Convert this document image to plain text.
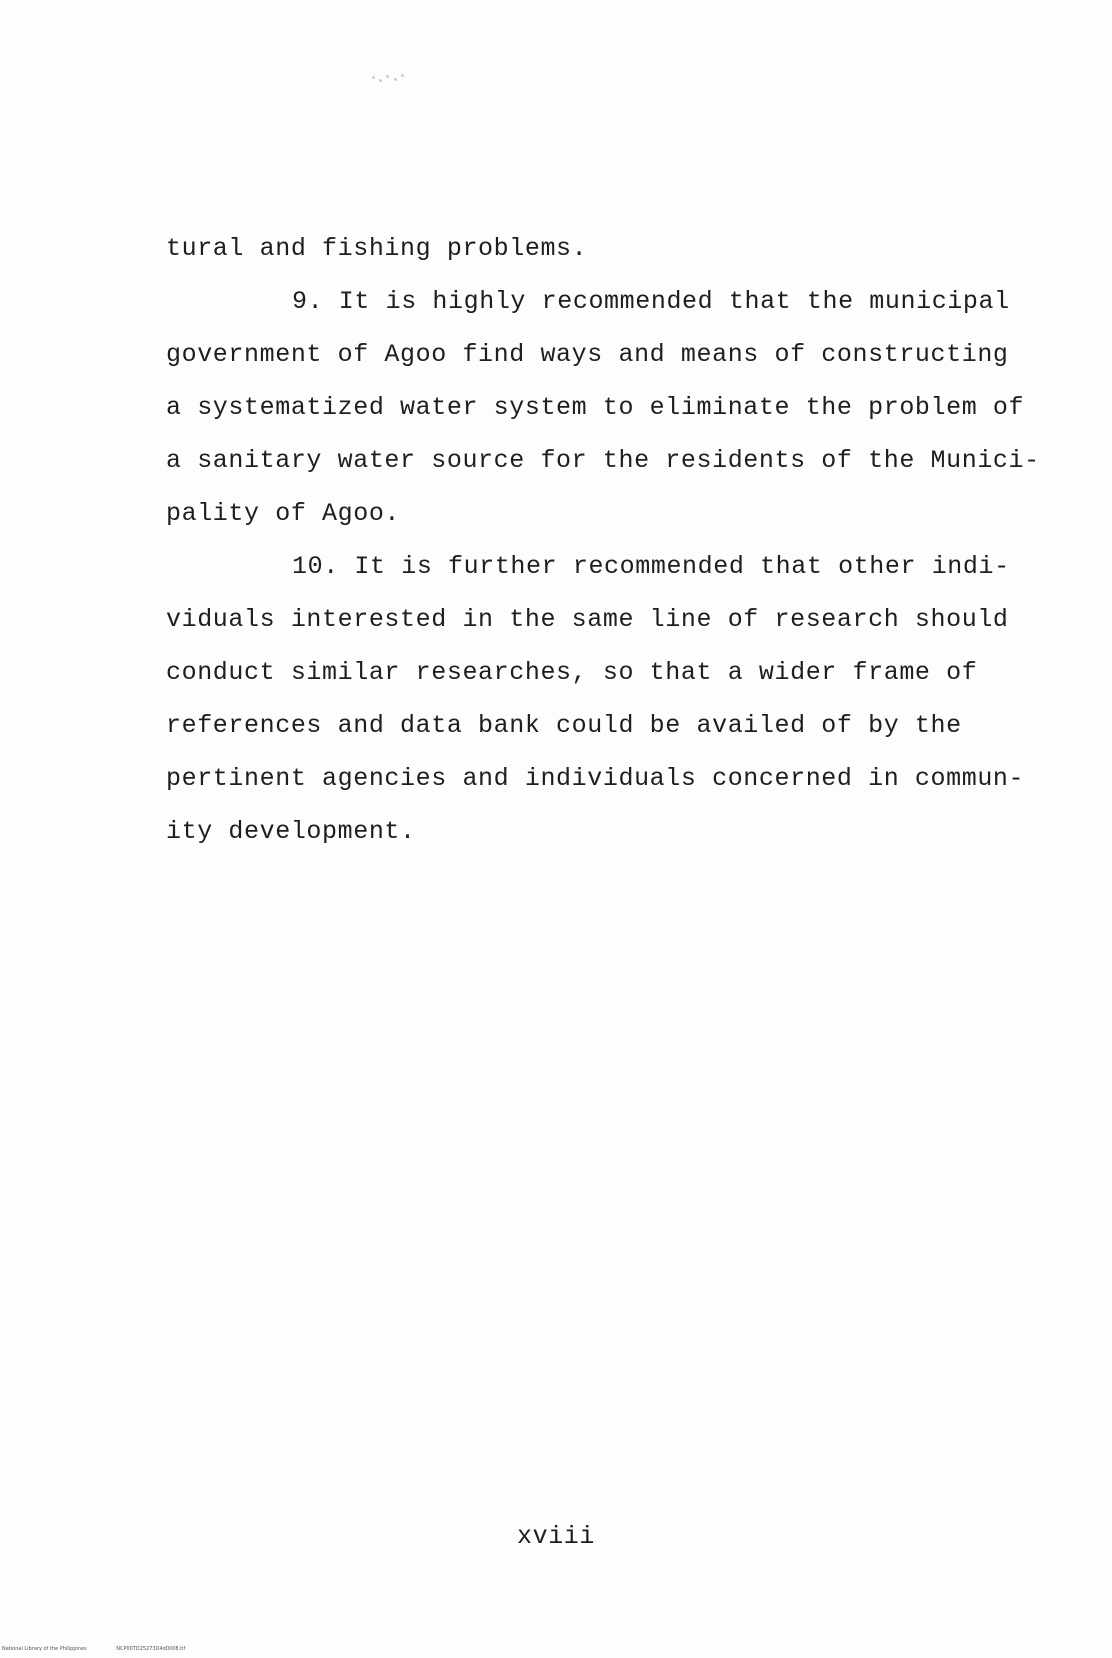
tural and fishing problems.
9. It is highly recommended that the municipal
government of Agoo find ways and means of constructing
a systematized water system to eliminate the problem of
a sanitary water source for the residents of the Munici-
pality of Agoo.
10. It is further recommended that other indi-
viduals interested in the same line of research should
conduct similar researches, so that a wider frame of
references and data bank could be availed of by the
pertinent agencies and individuals concerned in commun-
ity development.
xviii
National Library of the Philippines	NCP00TD25273D4d0008.tif
